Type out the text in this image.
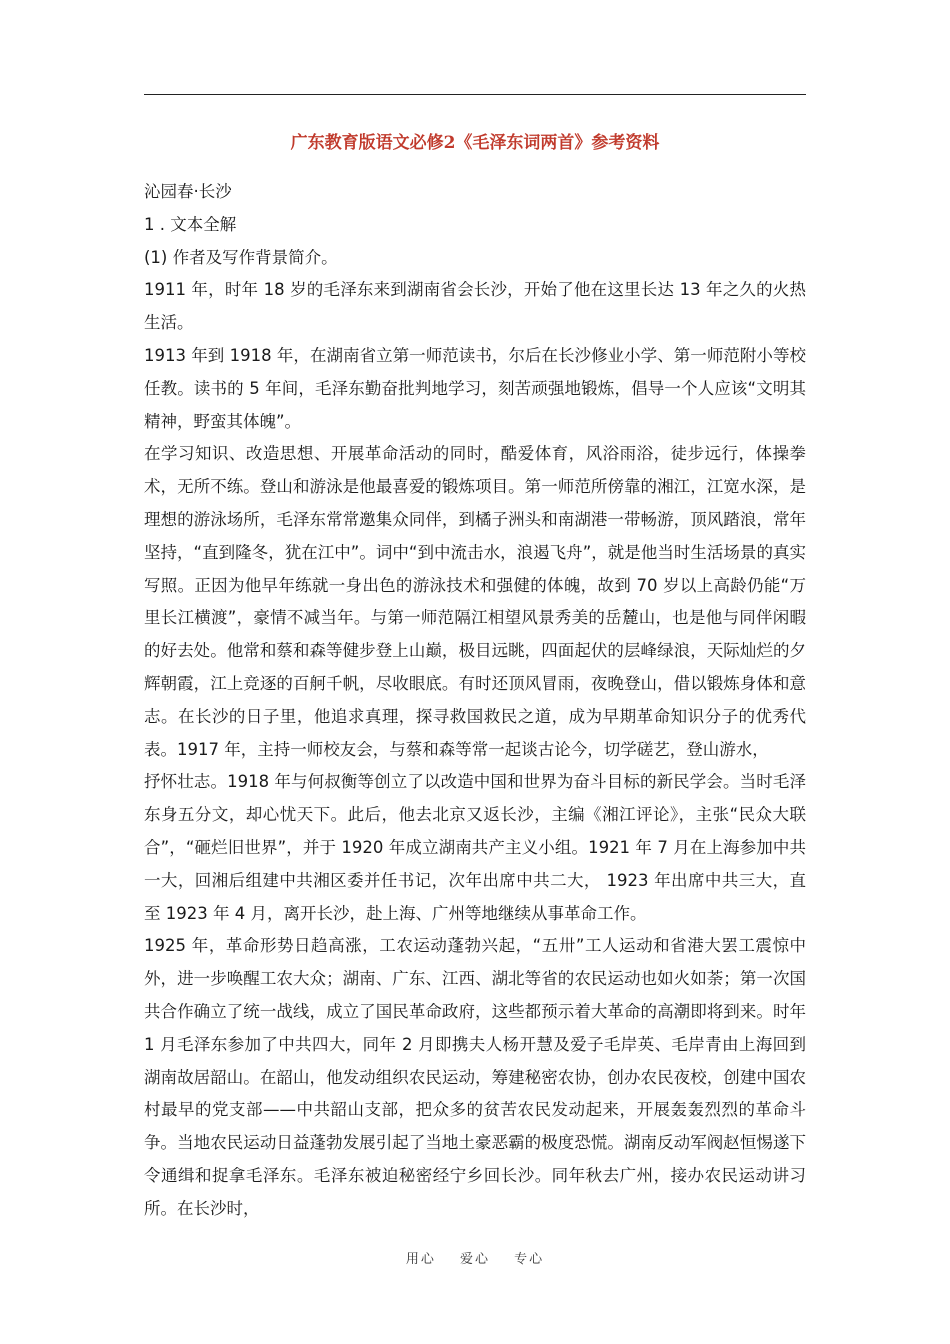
广东教育版语文必修2《毛泽东词两首》参考资料

沁园春·长沙

1 . 文本全解

(1) 作者及写作背景简介。

1911 年，时年 18 岁的毛泽东来到湖南省会长沙，开始了他在这里长达 13 年之久的火热生活。

1913 年到 1918 年，在湖南省立第一师范读书，尔后在长沙修业小学、第一师范附小等校任教。读书的 5 年间，毛泽东勤奋批判地学习，刻苦顽强地锻炼，倡导一个人应该“文明其精神，野蛮其体魄”。

在学习知识、改造思想、开展革命活动的同时，酷爱体育，风浴雨浴，徒步远行，体操拳术，无所不练。登山和游泳是他最喜爱的锻炼项目。第一师范所傍靠的湘江，江宽水深，是理想的游泳场所，毛泽东常常邀集众同伴，到橘子洲头和南湖港一带畅游，顶风踏浪，常年坚持，“直到隆冬，犹在江中”。词中“到中流击水，浪遏飞舟”，就是他当时生活场景的真实写照。正因为他早年练就一身出色的游泳技术和强健的体魄，故到 70 岁以上高龄仍能“万里长江横渡”，豪情不减当年。与第一师范隔江相望风景秀美的岳麓山，也是他与同伴闲暇的好去处。他常和蔡和森等健步登上山巅，极目远眺，四面起伏的层峰绿浪，天际灿烂的夕辉朝霞，江上竞逐的百舸千帆，尽收眼底。有时还顶风冒雨，夜晚登山，借以锻炼身体和意志。在长沙的日子里，他追求真理，探寻救国救民之道，成为早期革命知识分子的优秀代表。1917 年，主持一师校友会，与蔡和森等常一起谈古论今，切学磋艺，登山游水，

抒怀壮志。1918 年与何叔衡等创立了以改造中国和世界为奋斗目标的新民学会。当时毛泽东身五分文，却心忧天下。此后，他去北京又返长沙，主编《湘江评论》，主张“民众大联合”，“砸烂旧世界”，并于 1920 年成立湖南共产主义小组。1921 年 7 月在上海参加中共一大，回湘后组建中共湘区委并任书记，次年出席中共二大， 1923 年出席中共三大，直至 1923 年 4 月，离开长沙，赴上海、广州等地继续从事革命工作。

1925 年，革命形势日趋高涨，工农运动蓬勃兴起，“五卅”工人运动和省港大罢工震惊中外，进一步唤醒工农大众；湖南、广东、江西、湖北等省的农民运动也如火如荼；第一次国共合作确立了统一战线，成立了国民革命政府，这些都预示着大革命的高潮即将到来。时年 1 月毛泽东参加了中共四大，同年 2 月即携夫人杨开慧及爱子毛岸英、毛岸青由上海回到湖南故居韶山。在韶山，他发动组织农民运动，筹建秘密农协，创办农民夜校，创建中国农村最早的党支部——中共韶山支部，把众多的贫苦农民发动起来，开展轰轰烈烈的革命斗争。当地农民运动日益蓬勃发展引起了当地土豪恶霸的极度恐慌。湖南反动军阀赵恒惕遂下令通缉和捉拿毛泽东。毛泽东被迫秘密经宁乡回长沙。同年秋去广州，接办农民运动讲习所。在长沙时，

用心 爱心 专心
